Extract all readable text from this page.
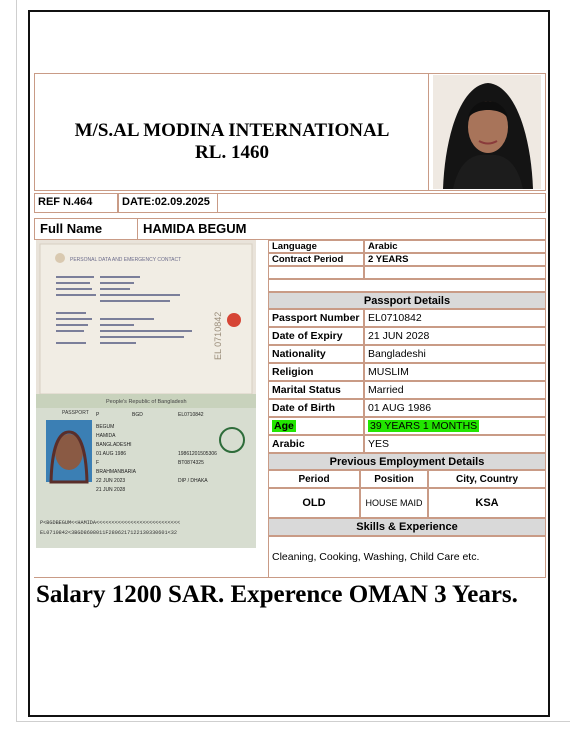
M/S.AL MODINA INTERNATIONAL
RL. 1460
REF N.464	DATE:02.09.2025
Full Name	HAMIDA BEGUM
PERSONAL DATA AND EMERGENCY CONTACT
EL 0710842
People's Republic of Bangladesh
PASSPORT P	BGD	EL0710842
BEGUM
HAMIDA
BANGLADESHI
01 AUG 1986	19861201505306
F	BT0874325
BRAHMANBARIA
22 JUN 2023	DIP / DHAKA
21 JUN 2028
P<BGDBEGUM<<HAMIDA<<<<<<<<<<<<<<<<<<<<<<<<<<<
EL0710842<3BGD8608011F2806217122130330601<32
Language	Arabic
Contract Period	2 YEARS
Passport Details
Passport Number EL0710842
Date of Expiry	21 JUN 2028
Nationality	Bangladeshi
Religion	MUSLIM
Marital Status	Married
Date of Birth	01 AUG 1986
Age	39 YEARS 1 MONTHS
Arabic	YES
Previous Employment Details
Period	Position	City, Country
OLD	HOUSE MAID	KSA
Skills & Experience
Cleaning, Cooking, Washing, Child Care etc.
Salary 1200 SAR. Experence OMAN 3 Years.
